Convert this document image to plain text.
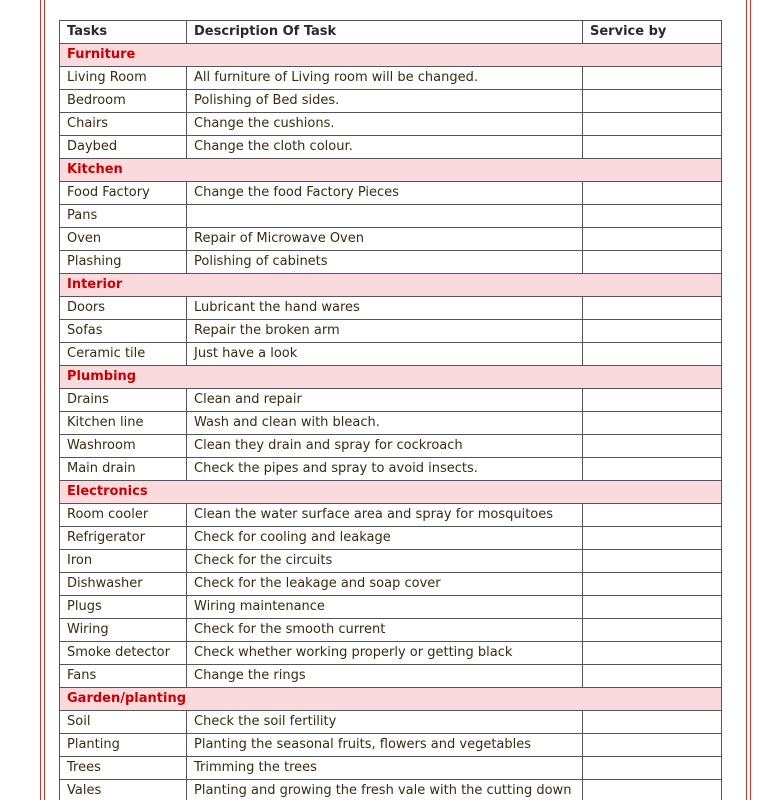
Tasks	Description Of Task	Service by
Furniture		
Living Room	All furniture of Living room will be changed.	
Bedroom	Polishing of Bed sides.	
Chairs	Change the cushions.	
Daybed	Change the cloth colour.	
Kitchen		
Food Factory	Change the food Factory Pieces	
Pans		
Oven	Repair of Microwave Oven	
Plashing	Polishing of cabinets	
Interior		
Doors	Lubricant the hand wares	
Sofas	Repair the broken arm	
Ceramic tile	Just have a look	
Plumbing		
Drains	Clean and repair	
Kitchen line	Wash and clean with bleach.	
Washroom	Clean they drain and spray for cockroach	
Main drain	Check the pipes and spray to avoid insects.	
Electronics		
Room cooler	Clean the water surface area and spray for mosquitoes	
Refrigerator	Check for cooling and leakage	
Iron	Check for the circuits	
Dishwasher	Check for the leakage and soap cover	
Plugs	Wiring maintenance	
Wiring	Check for the smooth current	
Smoke detector	Check whether working properly or getting black	
Fans	Change the rings	
Garden/planting		
Soil	Check the soil fertility	
Planting	Planting the seasonal fruits, flowers and vegetables	
Trees	Trimming the trees	
Vales	Planting and growing the fresh vale with the cutting down	
